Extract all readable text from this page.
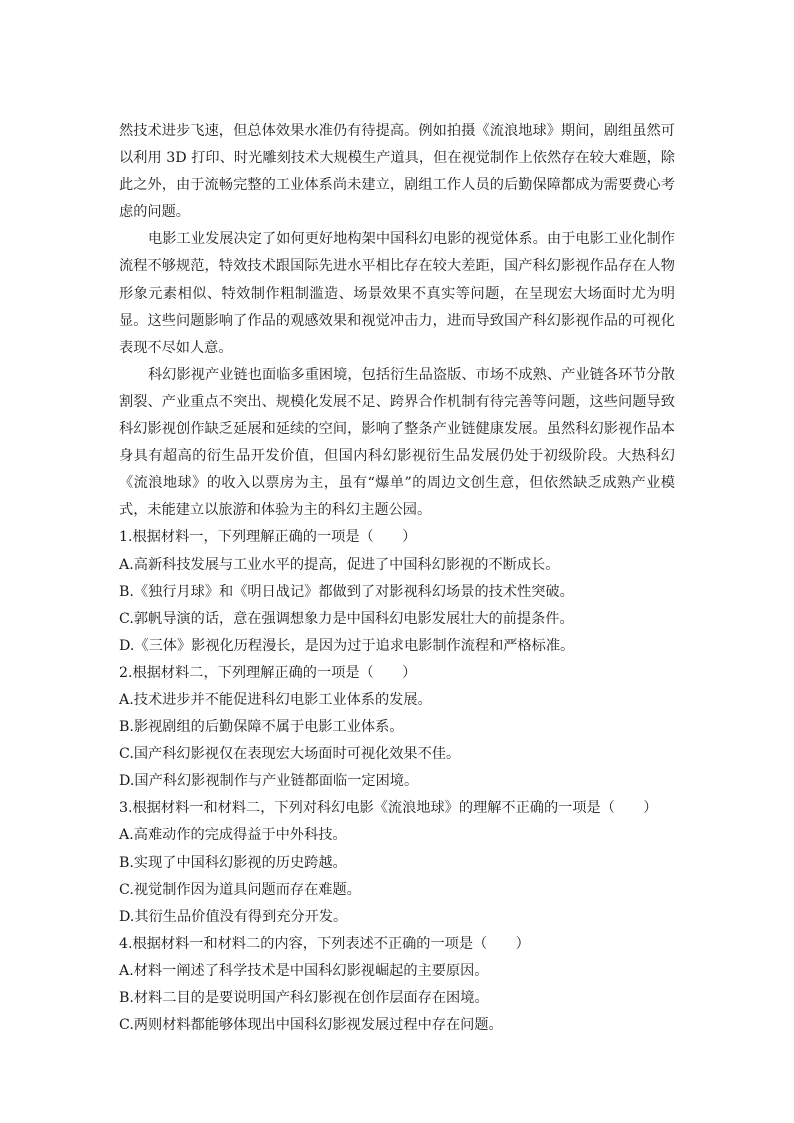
然技术进步飞速，但总体效果水准仍有待提高。例如拍摄《流浪地球》期间，剧组虽然可以利用 3D 打印、时光雕刻技术大规模生产道具，但在视觉制作上依然存在较大难题，除此之外，由于流畅完整的工业体系尚未建立，剧组工作人员的后勤保障都成为需要费心考虑的问题。

电影工业发展决定了如何更好地构架中国科幻电影的视觉体系。由于电影工业化制作流程不够规范，特效技术跟国际先进水平相比存在较大差距，国产科幻影视作品存在人物形象元素相似、特效制作粗制滥造、场景效果不真实等问题，在呈现宏大场面时尤为明显。这些问题影响了作品的观感效果和视觉冲击力，进而导致国产科幻影视作品的可视化表现不尽如人意。

科幻影视产业链也面临多重困境，包括衍生品盗版、市场不成熟、产业链各环节分散割裂、产业重点不突出、规模化发展不足、跨界合作机制有待完善等问题，这些问题导致科幻影视创作缺乏延展和延续的空间，影响了整条产业链健康发展。虽然科幻影视作品本身具有超高的衍生品开发价值，但国内科幻影视衍生品发展仍处于初级阶段。大热科幻《流浪地球》的收入以票房为主，虽有“爆单”的周边文创生意，但依然缺乏成熟产业模式，未能建立以旅游和体验为主的科幻主题公园。

1.根据材料一，下列理解正确的一项是（　　）

A.高新科技发展与工业水平的提高，促进了中国科幻影视的不断成长。

B.《独行月球》和《明日战记》都做到了对影视科幻场景的技术性突破。

C.郭帆导演的话，意在强调想象力是中国科幻电影发展壮大的前提条件。

D.《三体》影视化历程漫长，是因为过于追求电影制作流程和严格标准。

2.根据材料二，下列理解正确的一项是（　　）

A.技术进步并不能促进科幻电影工业体系的发展。

B.影视剧组的后勤保障不属于电影工业体系。

C.国产科幻影视仅在表现宏大场面时可视化效果不佳。

D.国产科幻影视制作与产业链都面临一定困境。

3.根据材料一和材料二，下列对科幻电影《流浪地球》的理解不正确的一项是（　　）

A.高难动作的完成得益于中外科技。

B.实现了中国科幻影视的历史跨越。

C.视觉制作因为道具问题而存在难题。

D.其衍生品价值没有得到充分开发。

4.根据材料一和材料二的内容，下列表述不正确的一项是（　　）

A.材料一阐述了科学技术是中国科幻影视崛起的主要原因。

B.材料二目的是要说明国产科幻影视在创作层面存在困境。

C.两则材料都能够体现出中国科幻影视发展过程中存在问题。
